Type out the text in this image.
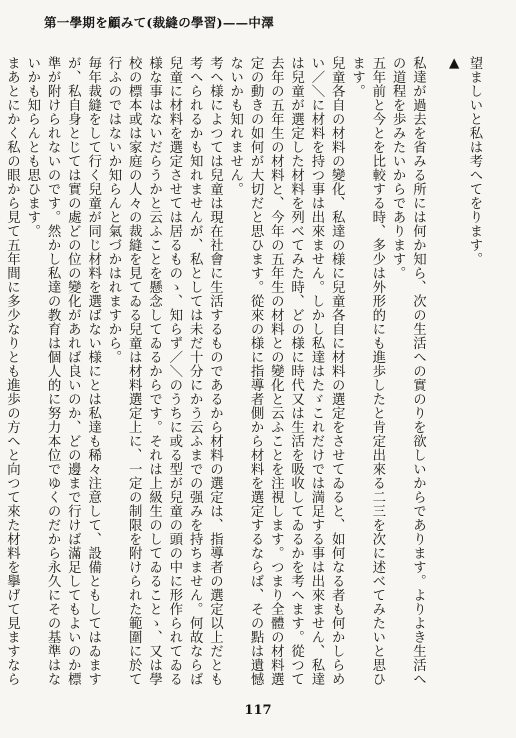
第一學期を顧みて(裁縫の學習)——中澤

望ましいと私は考へてをります。

▲

私達が過去を省みる所には何か知ら、次の生活への實のりを欲しいからであります。よりよき生活への道程を歩みたいからであります。

五年前と今とを比較する時、多少は外形的にも進歩したと肯定出來る二三を次に述べてみたいと思ひます。

兒童各自の材料の變化、私達の様に兒童各自に材料の選定をさせてゐると、如何なる者も何かしらめい／＼に材料を持つ事は出來ません。しかし私達はたゞこれだけでは満足する事は出來ません、私達は兒童が選定した材料を列べてみた時、どの様に時代又は生活を吸收してゐるかを考へます。從つて去年の五年生の材料と、今年の五年生の材料との變化と云ふことを注視します。つまり全體の材料選定の動きの如何が大切だと思ひます。從來の様に指導者側から材料を選定するならば、その點は遺憾ないかも知れません。

考へ様によつては兒童は現在社會に生活するものであるから材料の選定は、指導者の選定以上だとも考へられるかも知れませんが、私としては未だ十分にかう云ふまでの强みを持ちません。何故ならば兒童に材料を選定させては居るものゝ、知らず／＼のうちに或る型が兒童の頭の中に形作られてゐる様な事はないだらうかと云ふことを懸念してゐるからです。それは上級生のしてゐることゝ、又は學校の標本或は家庭の人々の裁縫を見てゐる兒童は材料選定上に、一定の制限を附けられた範圍に於て行ふのではないか知らんと氣づかはれますから。

毎年裁縫をして行く兒童が同じ材料を選ばない様にとは私達も稀々注意して、設備ともしてはゐますが、私自身とじては實の處どの位の變化があれば良いのか、どの邊まで行けば滿足してもよいのか標準が附けられないのです。然かし私達の教育は個人的に努力本位でゆくのだから永久にその基準はないかも知らんとも思ひます。

まあとにかく私の眼から見て五年間に多少なりとも進歩の方へと向つて來た材料を擧げて見ますなら

117
